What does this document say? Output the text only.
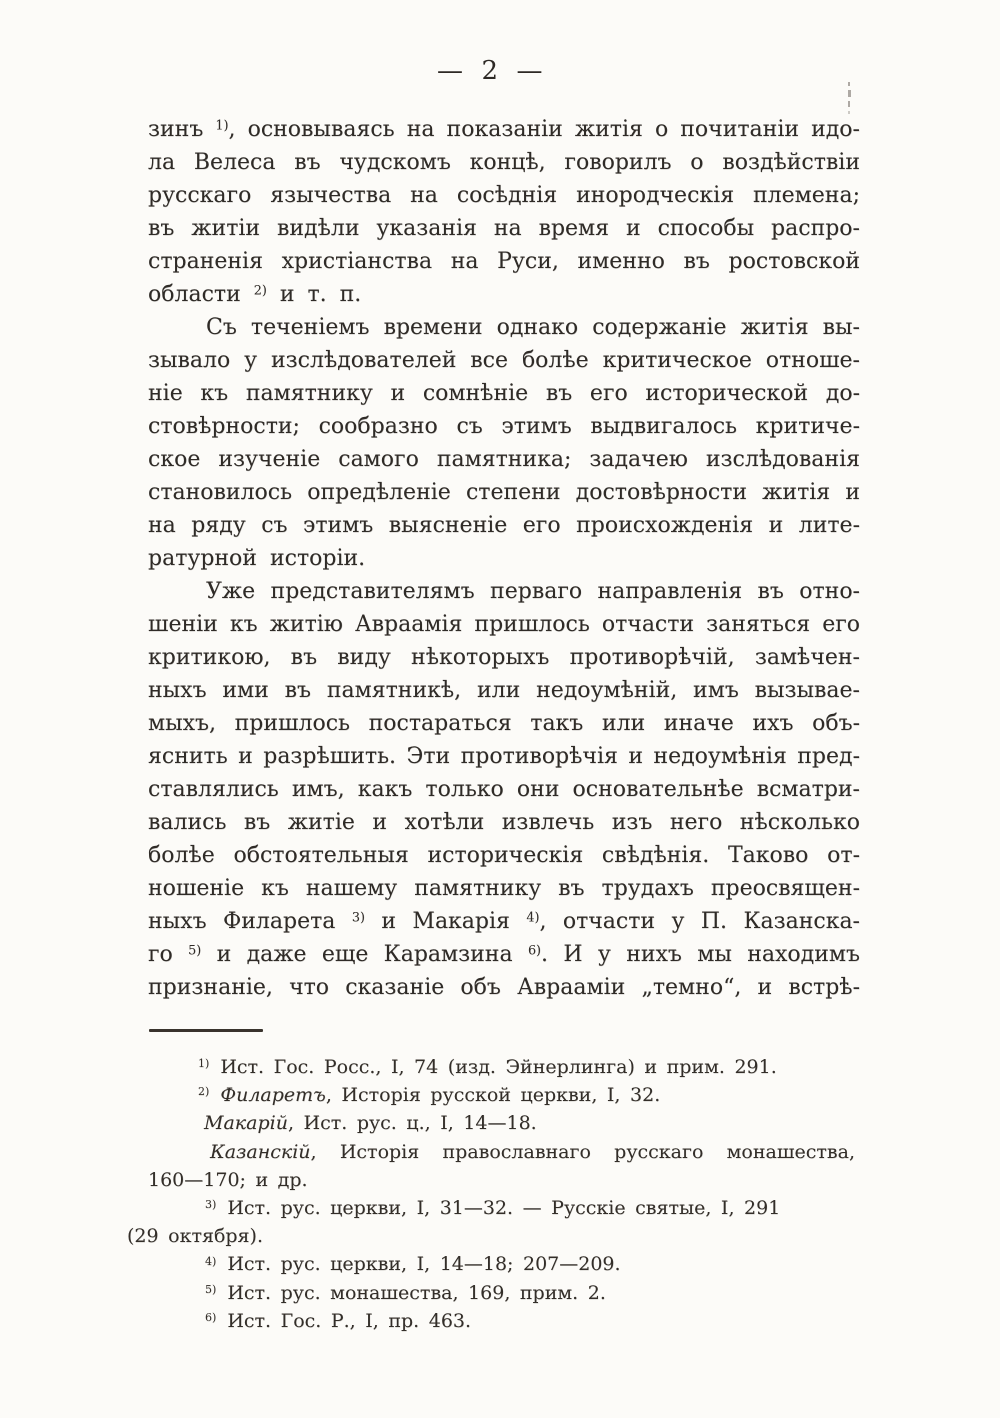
— 2 —
зинъ $^{1)}$, основываясь на показаніи житія о почитаніи идо-
ла Велеса въ чудскомъ концѣ, говорилъ о воздѣйствіи
русскаго язычества на сосѣднія инородческія племена;
въ житіи видѣли указанія на время и способы распро-
страненія христіанства на Руси, именно въ ростовской
области $^{2)}$ и т. п.
Съ теченіемъ времени однако содержаніе житія вы-
зывало у изслѣдователей все болѣе критическое отноше-
ніе къ памятнику и сомнѣніе въ его исторической до-
стовѣрности; сообразно съ этимъ выдвигалось критиче-
ское изученіе самого памятника; задачею изслѣдованія
становилось опредѣленіе степени достовѣрности житія и
на ряду съ этимъ выясненіе его происхожденія и лите-
ратурной исторіи.
Уже представителямъ перваго направленія въ отно-
шеніи къ житію Авраамія пришлось отчасти заняться его
критикою, въ виду нѣкоторыхъ противорѣчій, замѣчен-
ныхъ ими въ памятникѣ, или недоумѣній, имъ вызывае-
мыхъ, пришлось постараться такъ или иначе ихъ объ-
яснить и разрѣшить. Эти противорѣчія и недоумѣнія пред-
ставлялись имъ, какъ только они основательнѣе всматри-
вались въ житіе и хотѣли извлечь изъ него нѣсколько
болѣе обстоятельныя историческія свѣдѣнія. Таково от-
ношеніе къ нашему памятнику въ трудахъ преосвящен-
ныхъ Филарета $^{3)}$ и Макарія $^{4)}$, отчасти у П. Казанска-
го $^{5)}$ и даже еще Карамзина $^{6)}$. И у нихъ мы находимъ
признаніе, что сказаніе объ Аврааміи „темно“, и встрѣ-
$^{1)}$ Ист. Гос. Росс., I, 74 (изд. Эйнерлинга) и прим. 291.
$^{2)}$ Филаретъ, Исторія русской церкви, I, 32.
Макарій, Ист. рус. ц., I, 14—18.
Казанскій, Исторія православнаго русскаго монашества,
160—170; и др.
$^{3)}$ Ист. рус. церкви, I, 31—32. — Русскіе святые, I, 291
(29 октября).
$^{4)}$ Ист. рус. церкви, I, 14—18; 207—209.
$^{5)}$ Ист. рус. монашества, 169, прим. 2.
$^{6)}$ Ист. Гос. Р., I, пр. 463.
